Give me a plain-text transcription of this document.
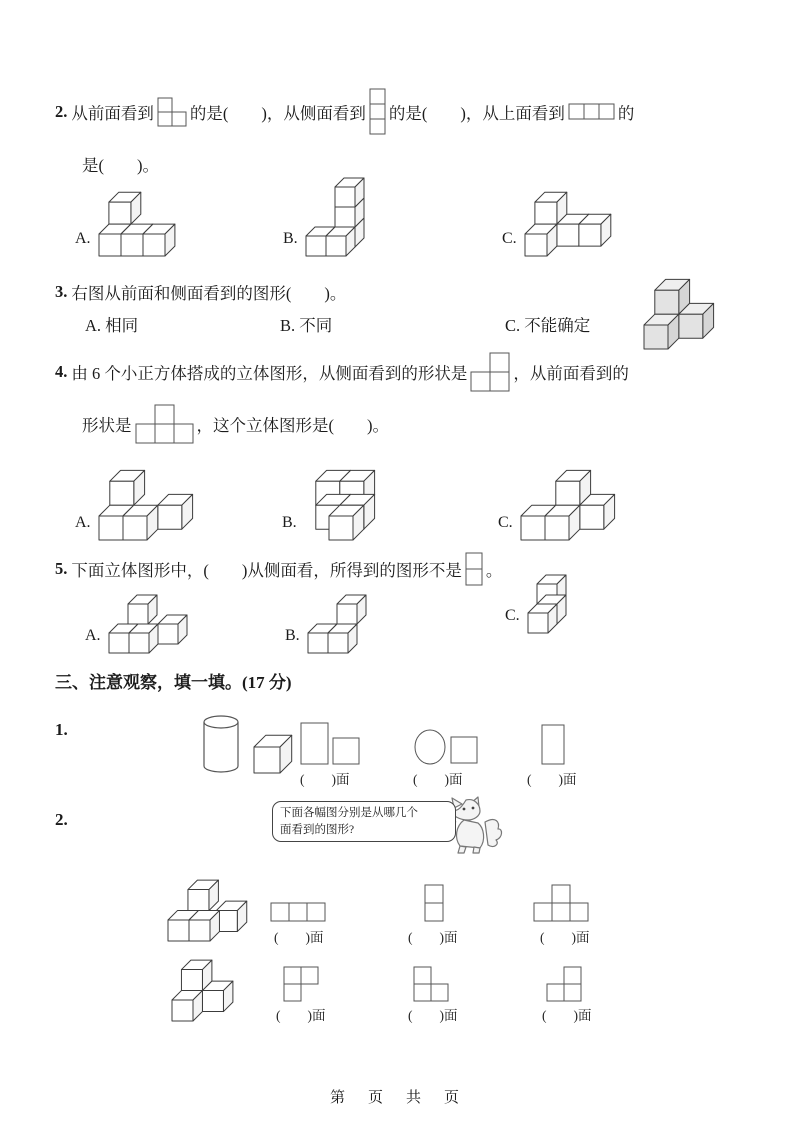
2. 从前面看到 的是(　　)，从侧面看到 的是(　　)，从上面看到	的
是(　　)。
A.	B.	C.
3. 右图从前面和侧面看到的图形(　　)。
A. 相同	B. 不同	C. 不能确定
4. 由 6 个小正方体搭成的立体图形，从侧面看到的形状是	，从前面看到的
形状是	，这个立体图形是(　　)。
A.	B.	C.
5. 下面立体图形中，(　　)从侧面看，所得到的图形不是 。
A.	B.
C.
三、注意观察，填一填。(17 分)
1.
(　　)面	(　　)面	(　　)面
2.	下面各幅图分别是从哪几个
面看到的图形?
(　　)面	(　　)面	(　　)面
(　　)面	(　　)面	(　　)面
第　页　共　页
